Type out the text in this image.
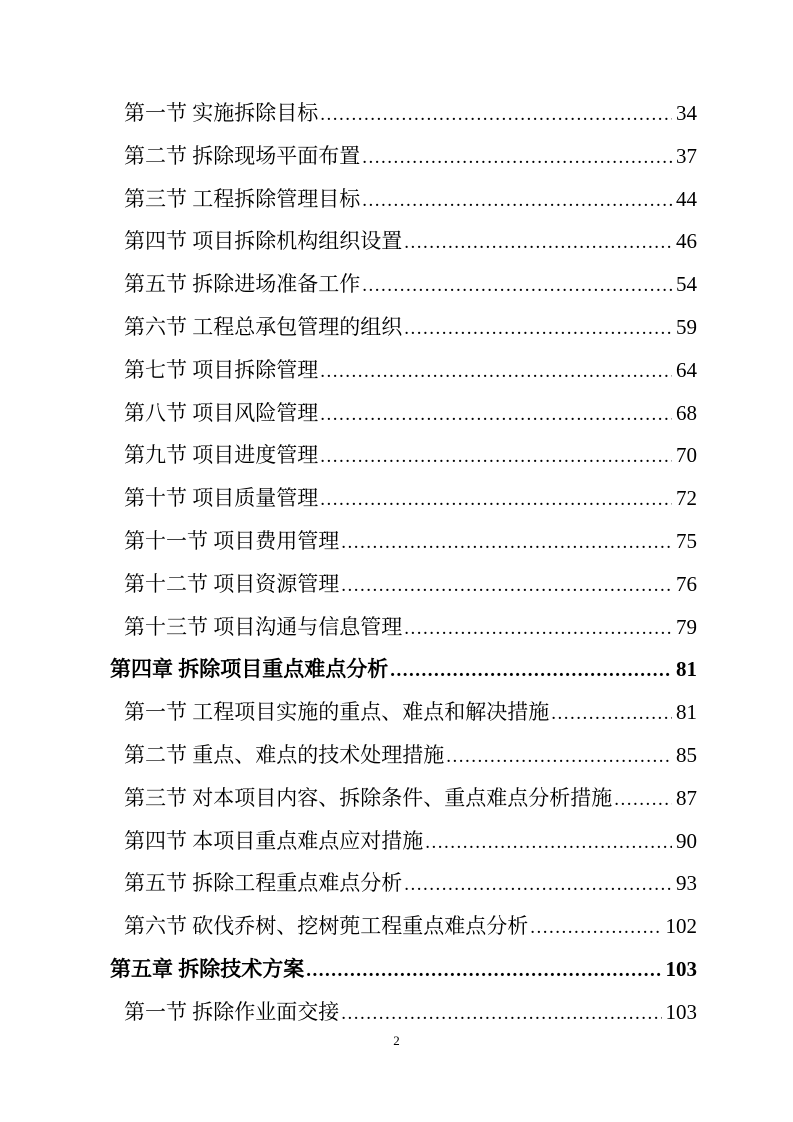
第一节 实施拆除目标 .....	34
第二节 拆除现场平面布置 .....	37
第三节 工程拆除管理目标 .....	44
第四节 项目拆除机构组织设置 .....	46
第五节 拆除进场准备工作 .....	54
第六节 工程总承包管理的组织 .....	59
第七节 项目拆除管理 .....	64
第八节 项目风险管理 .....	68
第九节 项目进度管理 .....	70
第十节 项目质量管理 .....	72
第十一节 项目费用管理 .....	75
第十二节 项目资源管理 .....	76
第十三节 项目沟通与信息管理 .....	79
第四章 拆除项目重点难点分析 .....	81
第一节 工程项目实施的重点、难点和解决措施 .....	81
第二节 重点、难点的技术处理措施 .....	85
第三节 对本项目内容、拆除条件、重点难点分析措施 .....	87
第四节 本项目重点难点应对措施 .....	90
第五节 拆除工程重点难点分析 .....	93
第六节 砍伐乔树、挖树蔸工程重点难点分析 .....	102
第五章 拆除技术方案 .....	103
第一节 拆除作业面交接 .....	103
2
